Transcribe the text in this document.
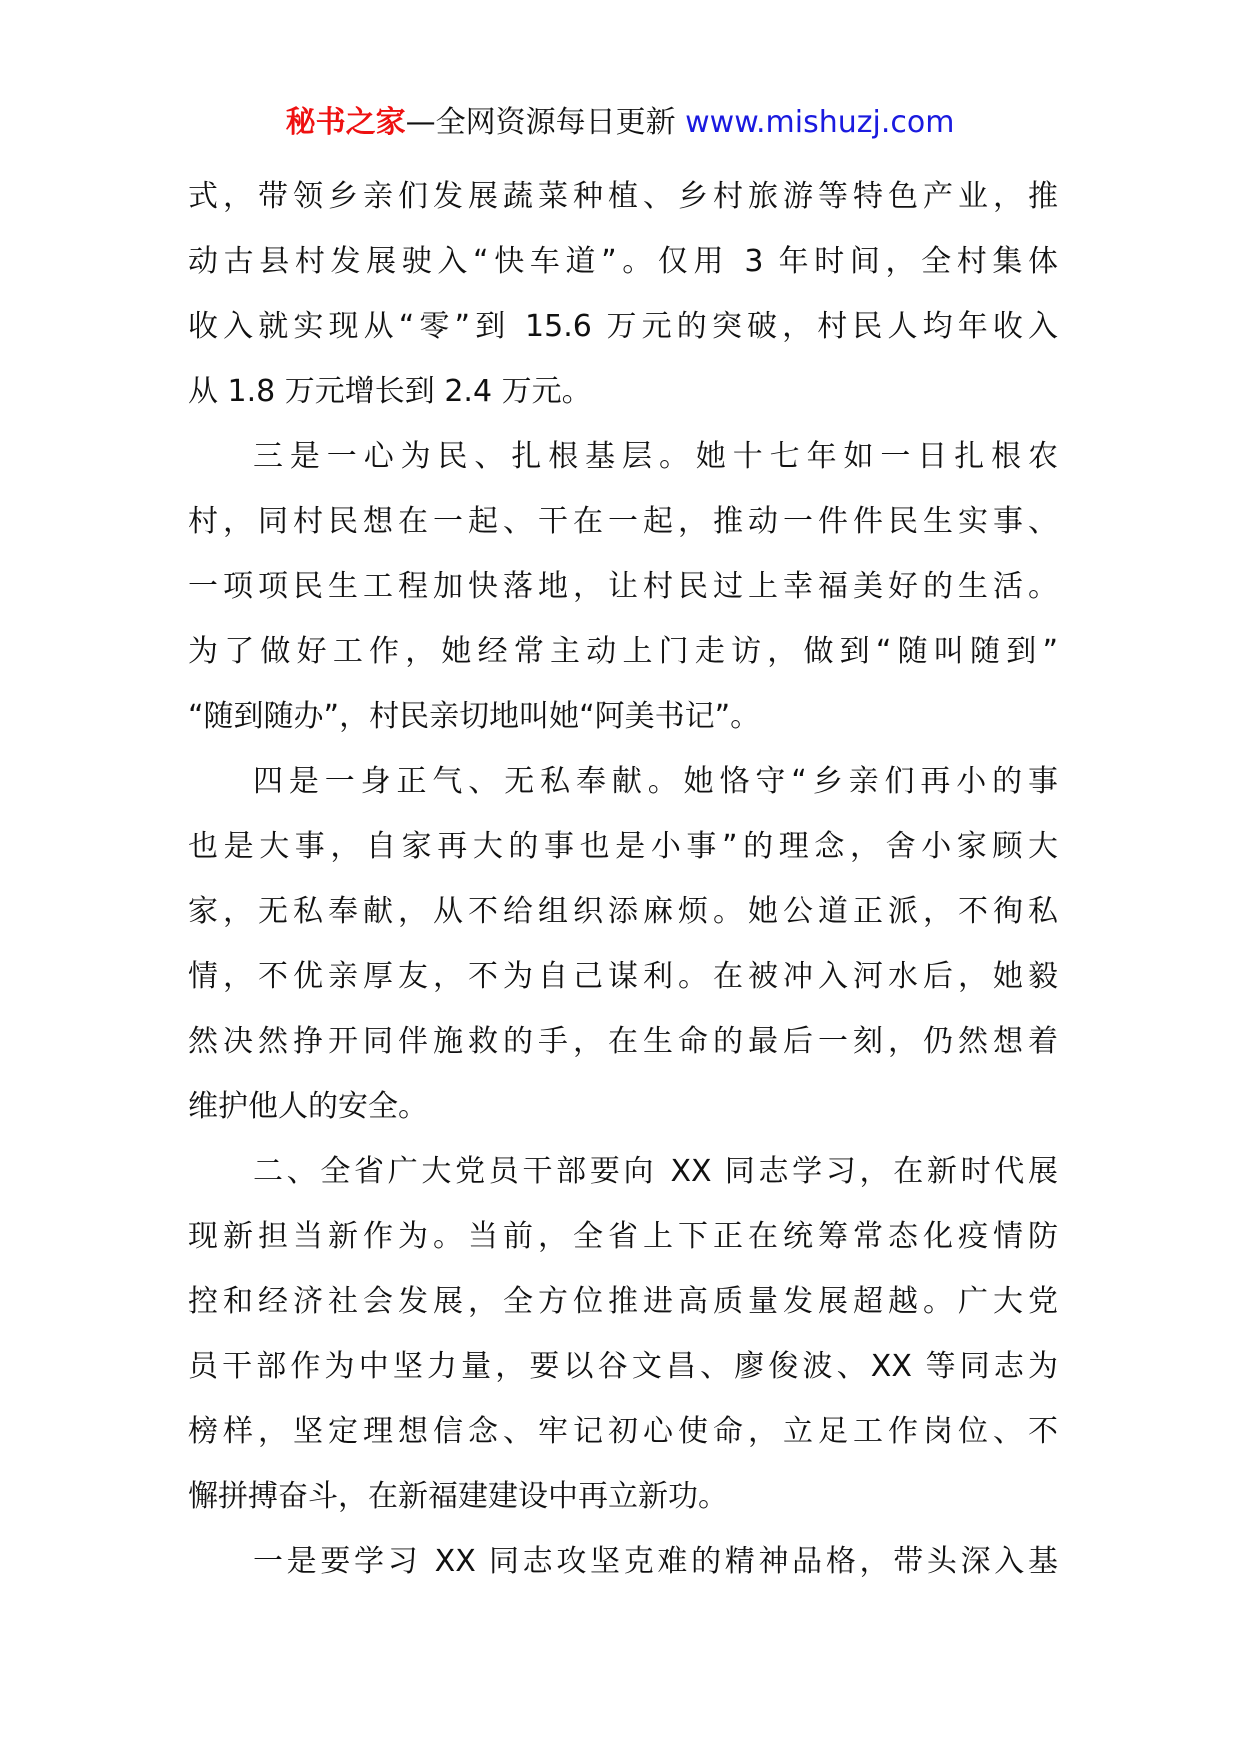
秘书之家—全网资源每日更新 www.mishuzj.com
式，带领乡亲们发展蔬菜种植、乡村旅游等特色产业，推
动古县村发展驶入“快车道”。仅用 3 年时间，全村集体
收入就实现从“零”到 15.6 万元的突破，村民人均年收入
从 1.8 万元增长到 2.4 万元。
三是一心为民、扎根基层。她十七年如一日扎根农
村，同村民想在一起、干在一起，推动一件件民生实事、
一项项民生工程加快落地，让村民过上幸福美好的生活。
为了做好工作，她经常主动上门走访，做到“随叫随到”
“随到随办”，村民亲切地叫她“阿美书记”。
四是一身正气、无私奉献。她恪守“乡亲们再小的事
也是大事，自家再大的事也是小事”的理念，舍小家顾大
家，无私奉献，从不给组织添麻烦。她公道正派，不徇私
情，不优亲厚友，不为自己谋利。在被冲入河水后，她毅
然决然挣开同伴施救的手，在生命的最后一刻，仍然想着
维护他人的安全。
二、全省广大党员干部要向 XX 同志学习，在新时代展
现新担当新作为。当前，全省上下正在统筹常态化疫情防
控和经济社会发展，全方位推进高质量发展超越。广大党
员干部作为中坚力量，要以谷文昌、廖俊波、XX 等同志为
榜样，坚定理想信念、牢记初心使命，立足工作岗位、不
懈拼搏奋斗，在新福建建设中再立新功。
一是要学习 XX 同志攻坚克难的精神品格，带头深入基
